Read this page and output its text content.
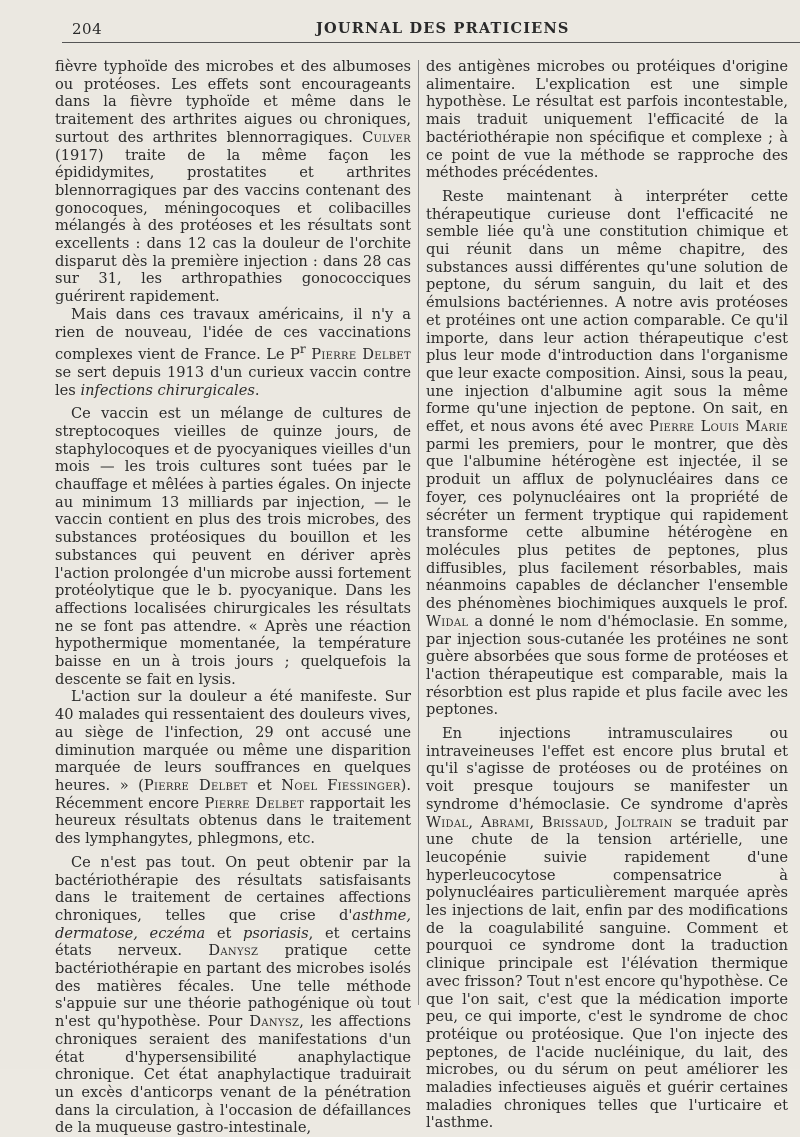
204	JOURNAL DES PRATICIENS

fièvre typhoïde des microbes et des albumoses ou protéoses. Les effets sont encourageants dans la fièvre typhoïde et même dans le traitement des arthrites aigues ou chroniques, surtout des arthrites blennorragiques. Culver (1917) traite de la même façon les épididymites, prostatites et arthrites blennorragiques par des vaccins contenant des gonocoques, méningocoques et colibacilles mélangés à des protéoses et les résultats sont excellents : dans 12 cas la douleur de l'orchite disparut dès la première injection : dans 28 cas sur 31, les arthropathies gonococciques guérirent rapidement.

Mais dans ces travaux américains, il n'y a rien de nouveau, l'idée de ces vaccinations complexes vient de France. Le $P^r$ Pierre Delbet se sert depuis 1913 d'un curieux vaccin contre les infections chirurgicales.

Ce vaccin est un mélange de cultures de streptocoques vieilles de quinze jours, de staphylocoques et de pyocyaniques vieilles d'un mois — les trois cultures sont tuées par le chauffage et mêlées à parties égales. On injecte au minimum 13 milliards par injection, — le vaccin contient en plus des trois microbes, des substances protéosiques du bouillon et les substances qui peuvent en dériver après l'action prolongée d'un microbe aussi fortement protéolytique que le b. pyocyanique. Dans les affections localisées chirurgicales les résultats ne se font pas attendre. « Après une réaction hypothermique momentanée, la température baisse en un à trois jours ; quelquefois la descente se fait en lysis.

L'action sur la douleur a été manifeste. Sur 40 malades qui ressentaient des douleurs vives, au siège de l'infection, 29 ont accusé une diminution marquée ou même une disparition marquée de leurs souffrances en quelques heures. » (Pierre Delbet et Noel Fiessinger). Récemment encore Pierre Delbet rapportait les heureux résultats obtenus dans le traitement des lymphangytes, phlegmons, etc.

Ce n'est pas tout. On peut obtenir par la bactériothérapie des résultats satisfaisants dans le traitement de certaines affections chroniques, telles que crise d'asthme, dermatose, eczéma et psoriasis, et certains états nerveux. Danysz pratique cette bactériothérapie en partant des microbes isolés des matières fécales. Une telle méthode s'appuie sur une théorie pathogénique où tout n'est qu'hypothèse. Pour Danysz, les affections chroniques seraient des manifestations d'un état d'hypersensibilité anaphylactique chronique. Cet état anaphylactique traduirait un excès d'anticorps venant de la pénétration dans la circulation, à l'occasion de défaillances de la muqueuse gastro-intestinale,

des antigènes microbes ou protéiques d'origine alimentaire. L'explication est une simple hypothèse. Le résultat est parfois incontestable, mais traduit uniquement l'efficacité de la bactériothérapie non spécifique et complexe ; à ce point de vue la méthode se rapproche des méthodes précédentes.

Reste maintenant à interpréter cette thérapeutique curieuse dont l'efficacité ne semble liée qu'à une constitution chimique et qui réunit dans un même chapitre, des substances aussi différentes qu'une solution de peptone, du sérum sanguin, du lait et des émulsions bactériennes. A notre avis protéoses et protéines ont une action comparable. Ce qu'il importe, dans leur action thérapeutique c'est plus leur mode d'introduction dans l'organisme que leur exacte composition. Ainsi, sous la peau, une injection d'albumine agit sous la même forme qu'une injection de peptone. On sait, en effet, et nous avons été avec Pierre Louis Marie parmi les premiers, pour le montrer, que dès que l'albumine hétérogène est injectée, il se produit un afflux de polynucléaires dans ce foyer, ces polynucléaires ont la propriété de sécréter un ferment tryptique qui rapidement transforme cette albumine hétérogène en molécules plus petites de peptones, plus diffusibles, plus facilement résorbables, mais néanmoins capables de déclancher l'ensemble des phénomènes biochimiques auxquels le prof. Widal a donné le nom d'hémoclasie. En somme, par injection sous-cutanée les protéines ne sont guère absorbées que sous forme de protéoses et l'action thérapeutique est comparable, mais la résorbtion est plus rapide et plus facile avec les peptones.

En injections intramusculaires ou intraveineuses l'effet est encore plus brutal et qu'il s'agisse de protéoses ou de protéines on voit presque toujours se manifester un syndrome d'hémoclasie. Ce syndrome d'après Widal, Abrami, Brissaud, Joltrain se traduit par une chute de la tension artérielle, une leucopénie suivie rapidement d'une hyperleucocytose compensatrice à polynucléaires particulièrement marquée après les injections de lait, enfin par des modifications de la coagulabilité sanguine. Comment et pourquoi ce syndrome dont la traduction clinique principale est l'élévation thermique avec frisson? Tout n'est encore qu'hypothèse. Ce que l'on sait, c'est que la médication importe peu, ce qui importe, c'est le syndrome de choc protéique ou protéosique. Que l'on injecte des peptones, de l'acide nucléinique, du lait, des microbes, ou du sérum on peut améliorer les maladies infectieuses aiguës et guérir certaines maladies chroniques telles que l'urticaire et l'asthme.
